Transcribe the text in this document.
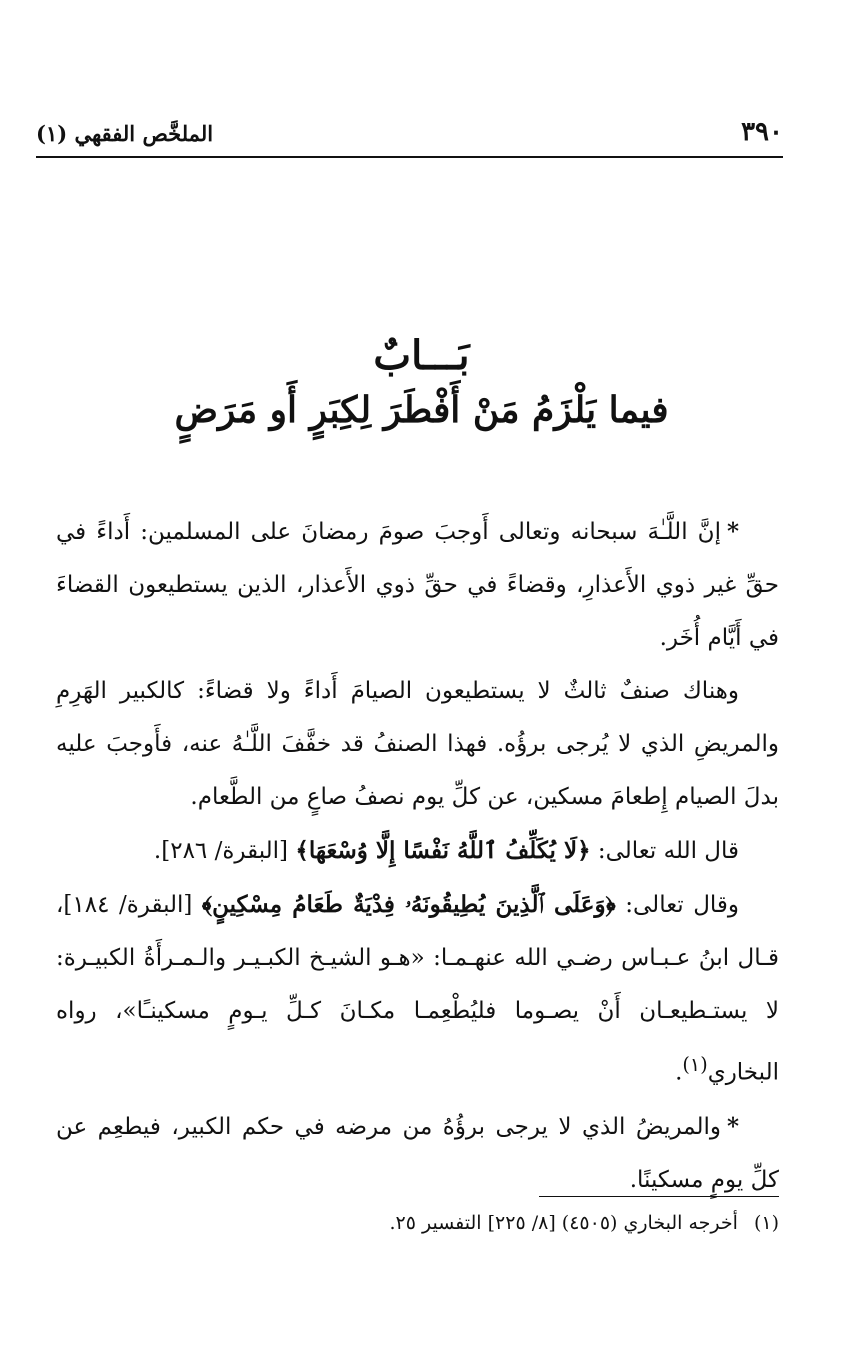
٣٩٠
الملخَّص الفقهي (١)
بَـــابٌ
فيما يَلْزَمُ مَنْ أَفْطَرَ لِكِبَرٍ أَو مَرَضٍ

*إنَّ اللَّـٰهَ سبحانه وتعالى أَوجبَ صومَ رمضانَ على المسلمين: أَداءً في حقِّ غير ذوي الأَعذارِ، وقضاءً في حقِّ ذوي الأَعذار، الذين يستطيعون القضاءَ في أَيَّام أُخَر.

وهناك صنفٌ ثالثٌ لا يستطيعون الصيامَ أَداءً ولا قضاءً: كالكبير الهَرِمِ والمريضِ الذي لا يُرجى برؤُه. فهذا الصنفُ قد خفَّفَ اللَّـٰهُ عنه، فأَوجبَ عليه بدلَ الصيام إِطعامَ مسكين، عن كلِّ يوم نصفُ صاعٍ من الطَّعام.

قال الله تعالى: ﴿لَا يُكَلِّفُ ٱللَّهُ نَفْسًا إِلَّا وُسْعَهَا﴾ [البقرة/ ٢٨٦].

وقال تعالى: ﴿وَعَلَى ٱلَّذِينَ يُطِيقُونَهُۥ فِدْيَةٌ طَعَامُ مِسْكِينٍ﴾ [البقرة/ ١٨٤]، قـال ابنُ عـبـاس رضـي الله عنهـمـا: «هـو الشيـخ الكبـيـر والـمـرأَةُ الكبيـرة: لا يستـطيعـان أَنْ يصـوما فليُطْعِمـا مكـانَ كـلِّ يـومٍ مسكينـًا»، رواه البخاري$^{(١)}$.

*والمريضُ الذي لا يرجى برؤُهُ من مرضه في حكم الكبير، فيطعِم عن كلِّ يومٍ مسكينًا.

(١) أخرجه البخاري (٤٥٠٥) [٨/ ٢٢٥] التفسير ٢٥.
